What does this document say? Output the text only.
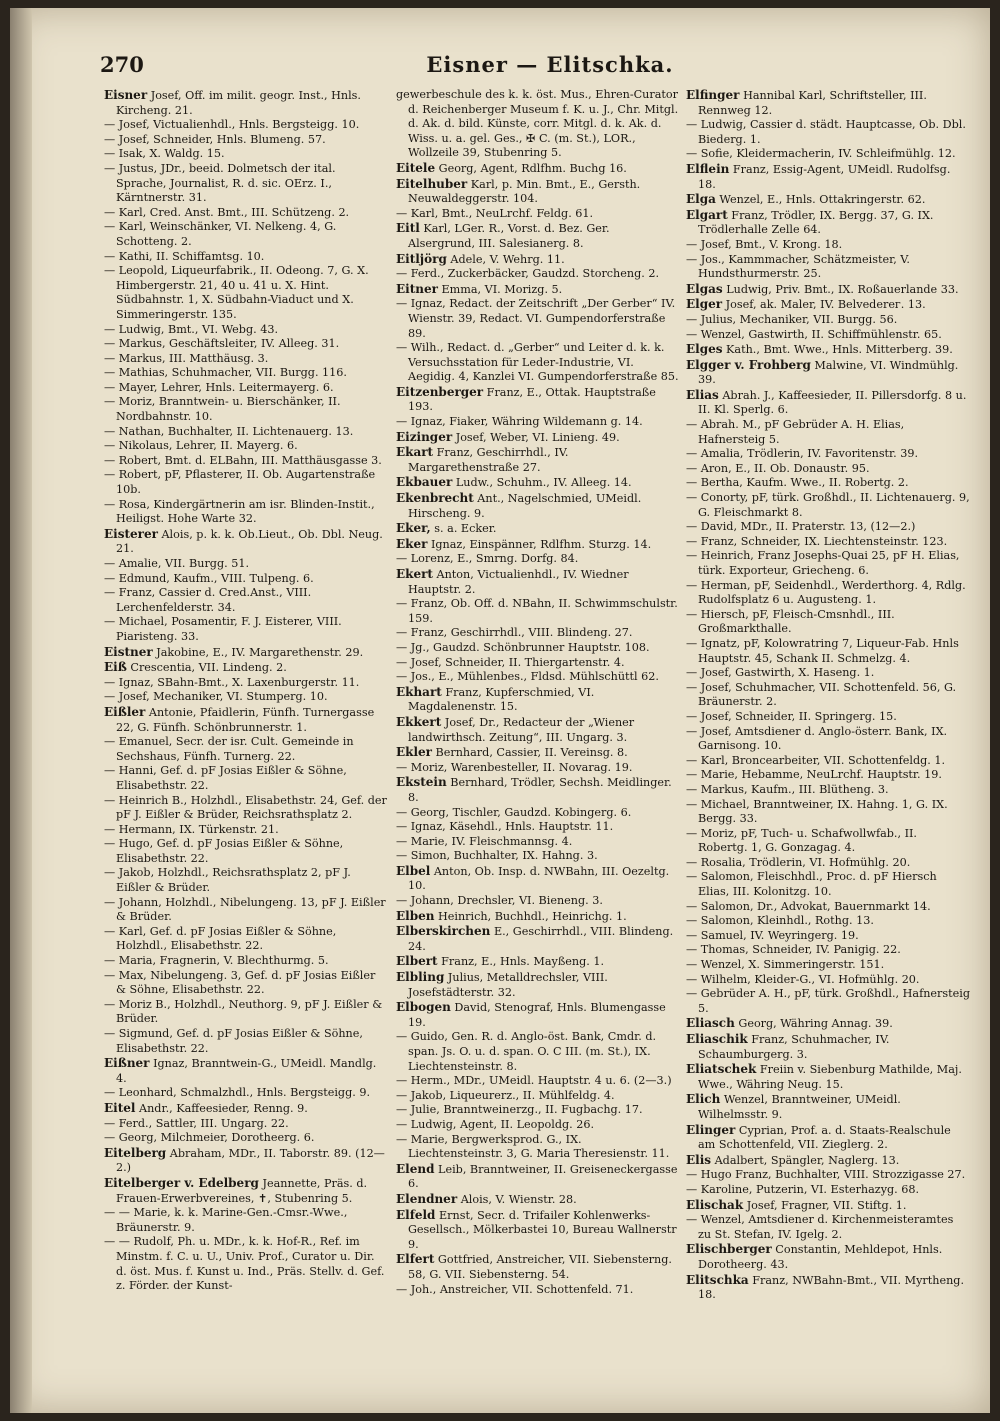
270	Eisner — Elitschka.

Eisner Josef, Off. im milit. geogr. Inst., Hnls. Kircheng. 21.

— Josef, Victualienhdl., Hnls. Bergsteigg. 10.

— Josef, Schneider, Hnls. Blumeng. 57.

— Isak, X. Waldg. 15.

— Justus, JDr., beeid. Dolmetsch der ital. Sprache, Journalist, R. d. sic. OErz. I., Kärntnerstr. 31.

— Karl, Cred. Anst. Bmt., III. Schützeng. 2.

— Karl, Weinschänker, VI. Nelkeng. 4, G. Schotteng. 2.

— Kathi, II. Schiffamtsg. 10.

— Leopold, Liqueurfabrik., II. Odeong. 7, G. X. Himbergerstr. 21, 40 u. 41 u. X. Hint. Südbahnstr. 1, X. Südbahn-Viaduct und X. Simmeringerstr. 135.

— Ludwig, Bmt., VI. Webg. 43.

— Markus, Geschäftsleiter, IV. Alleeg. 31.

— Markus, III. Matthäusg. 3.

— Mathias, Schuhmacher, VII. Burgg. 116.

— Mayer, Lehrer, Hnls. Leitermayerg. 6.

— Moriz, Branntwein- u. Bierschänker, II. Nordbahnstr. 10.

— Nathan, Buchhalter, II. Lichtenauerg. 13.

— Nikolaus, Lehrer, II. Mayerg. 6.

— Robert, Bmt. d. ELBahn, III. Matthäusgasse 3.

— Robert, pF, Pflasterer, II. Ob. Augartenstraße 10b.

— Rosa, Kindergärtnerin am isr. Blinden-Instit., Heiligst. Hohe Warte 32.

Eisterer Alois, p. k. k. Ob.Lieut., Ob. Dbl. Neug. 21.

— Amalie, VII. Burgg. 51.

— Edmund, Kaufm., VIII. Tulpeng. 6.

— Franz, Cassier d. Cred.Anst., VIII. Lerchenfelderstr. 34.

— Michael, Posamentir, F. J. Eisterer, VIII. Piaristeng. 33.

Eistner Jakobine, E., IV. Margarethenstr. 29.

Eiß Crescentia, VII. Lindeng. 2.

— Ignaz, SBahn-Bmt., X. Laxenburgerstr. 11.

— Josef, Mechaniker, VI. Stumperg. 10.

Eißler Antonie, Pfaidlerin, Fünfh. Turnergasse 22, G. Fünfh. Schönbrunnerstr. 1.

— Emanuel, Secr. der isr. Cult. Gemeinde in Sechshaus, Fünfh. Turnerg. 22.

— Hanni, Gef. d. pF Josias Eißler & Söhne, Elisabethstr. 22.

— Heinrich B., Holzhdl., Elisabethstr. 24, Gef. der pF J. Eißler & Brüder, Reichsrathsplatz 2.

— Hermann, IX. Türkenstr. 21.

— Hugo, Gef. d. pF Josias Eißler & Söhne, Elisabethstr. 22.

— Jakob, Holzhdl., Reichsrathsplatz 2, pF J. Eißler & Brüder.

— Johann, Holzhdl., Nibelungeng. 13, pF J. Eißler & Brüder.

— Karl, Gef. d. pF Josias Eißler & Söhne, Holzhdl., Elisabethstr. 22.

— Maria, Fragnerin, V. Blechthurmg. 5.

— Max, Nibelungeng. 3, Gef. d. pF Josias Eißler & Söhne, Elisabethstr. 22.

— Moriz B., Holzhdl., Neuthorg. 9, pF J. Eißler & Brüder.

— Sigmund, Gef. d. pF Josias Eißler & Söhne, Elisabethstr. 22.

Eißner Ignaz, Branntwein-G., UMeidl. Mandlg. 4.

— Leonhard, Schmalzhdl., Hnls. Bergsteigg. 9.

Eitel Andr., Kaffeesieder, Renng. 9.

— Ferd., Sattler, III. Ungarg. 22.

— Georg, Milchmeier, Dorotheerg. 6.

Eitelberg Abraham, MDr., II. Taborstr. 89. (12—2.)

Eitelberger v. Edelberg Jeannette, Präs. d. Frauen-Erwerbvereines, ✝, Stubenring 5.

— — Marie, k. k. Marine-Gen.-Cmsr.-Wwe., Bräunerstr. 9.

— — Rudolf, Ph. u. MDr., k. k. Hof-R., Ref. im Minstm. f. C. u. U., Univ. Prof., Curator u. Dir. d. öst. Mus. f. Kunst u. Ind., Präs. Stellv. d. Gef. z. Förder. der Kunst-

gewerbeschule des k. k. öst. Mus., Ehren-Curator d. Reichenberger Museum f. K. u. J., Chr. Mitgl. d. Ak. d. bild. Künste, corr. Mitgl. d. k. Ak. d. Wiss. u. a. gel. Ges., ✠ C. (m. St.), LOR., Wollzeile 39, Stubenring 5.

Eitele Georg, Agent, Rdlfhm. Buchg 16.

Eitelhuber Karl, p. Min. Bmt., E., Gersth. Neuwaldeggerstr. 104.

— Karl, Bmt., NeuLrchf. Feldg. 61.

Eitl Karl, LGer. R., Vorst. d. Bez. Ger. Alsergrund, III. Salesianerg. 8.

Eitljörg Adele, V. Wehrg. 11.

— Ferd., Zuckerbäcker, Gaudzd. Storcheng. 2.

Eitner Emma, VI. Morizg. 5.

— Ignaz, Redact. der Zeitschrift „Der Gerber“ IV. Wienstr. 39, Redact. VI. Gumpendorferstraße 89.

— Wilh., Redact. d. „Gerber“ und Leiter d. k. k. Versuchsstation für Leder-Industrie, VI. Aegidig. 4, Kanzlei VI. Gumpendorferstraße 85.

Eitzenberger Franz, E., Ottak. Hauptstraße 193.

— Ignaz, Fiaker, Währing Wildemann g. 14.

Eizinger Josef, Weber, VI. Linieng. 49.

Ekart Franz, Geschirrhdl., IV. Margarethenstraße 27.

Ekbauer Ludw., Schuhm., IV. Alleeg. 14.

Ekenbrecht Ant., Nagelschmied, UMeidl. Hirscheng. 9.

Eker, s. a. Ecker.

Eker Ignaz, Einspänner, Rdlfhm. Sturzg. 14.

— Lorenz, E., Smrng. Dorfg. 84.

Ekert Anton, Victualienhdl., IV. Wiedner Hauptstr. 2.

— Franz, Ob. Off. d. NBahn, II. Schwimmschulstr. 159.

— Franz, Geschirrhdl., VIII. Blindeng. 27.

— Jg., Gaudzd. Schönbrunner Hauptstr. 108.

— Josef, Schneider, II. Thiergartenstr. 4.

— Jos., E., Mühlenbes., Fldsd. Mühlschüttl 62.

Ekhart Franz, Kupferschmied, VI. Magdalenenstr. 15.

Ekkert Josef, Dr., Redacteur der „Wiener landwirthsch. Zeitung“, III. Ungarg. 3.

Ekler Bernhard, Cassier, II. Vereinsg. 8.

— Moriz, Warenbesteller, II. Novarag. 19.

Ekstein Bernhard, Trödler, Sechsh. Meidlinger. 8.

— Georg, Tischler, Gaudzd. Kobingerg. 6.

— Ignaz, Käsehdl., Hnls. Hauptstr. 11.

— Marie, IV. Fleischmannsg. 4.

— Simon, Buchhalter, IX. Hahng. 3.

Elbel Anton, Ob. Insp. d. NWBahn, III. Oezeltg. 10.

— Johann, Drechsler, VI. Bieneng. 3.

Elben Heinrich, Buchhdl., Heinrichg. 1.

Elberskirchen E., Geschirrhdl., VIII. Blindeng. 24.

Elbert Franz, E., Hnls. Mayßeng. 1.

Elbling Julius, Metalldrechsler, VIII. Josefstädterstr. 32.

Elbogen David, Stenograf, Hnls. Blumengasse 19.

— Guido, Gen. R. d. Anglo-öst. Bank, Cmdr. d. span. Js. O. u. d. span. O. C III. (m. St.), IX. Liechtensteinstr. 8.

— Herm., MDr., UMeidl. Hauptstr. 4 u. 6. (2—3.)

— Jakob, Liqueurerz., II. Mühlfeldg. 4.

— Julie, Branntweinerzg., II. Fugbachg. 17.

— Ludwig, Agent, II. Leopoldg. 26.

— Marie, Bergwerksprod. G., IX. Liechtensteinstr. 3, G. Maria Theresienstr. 11.

Elend Leib, Branntweiner, II. Greiseneckergasse 6.

Elendner Alois, V. Wienstr. 28.

Elfeld Ernst, Secr. d. Trifailer Kohlenwerks-Gesellsch., Mölkerbastei 10, Bureau Wallnerstr 9.

Elfert Gottfried, Anstreicher, VII. Siebensterng. 58, G. VII. Siebensterng. 54.

— Joh., Anstreicher, VII. Schottenfeld. 71.

Elfinger Hannibal Karl, Schriftsteller, III. Rennweg 12.

— Ludwig, Cassier d. städt. Hauptcasse, Ob. Dbl. Biederg. 1.

— Sofie, Kleidermacherin, IV. Schleifmühlg. 12.

Elflein Franz, Essig-Agent, UMeidl. Rudolfsg. 18.

Elga Wenzel, E., Hnls. Ottakringerstr. 62.

Elgart Franz, Trödler, IX. Bergg. 37, G. IX. Trödlerhalle Zelle 64.

— Josef, Bmt., V. Krong. 18.

— Jos., Kammmacher, Schätzmeister, V. Hundsthurmerstr. 25.

Elgas Ludwig, Priv. Bmt., IX. Roßauerlande 33.

Elger Josef, ak. Maler, IV. Belvederег. 13.

— Julius, Mechaniker, VII. Burgg. 56.

— Wenzel, Gastwirth, II. Schiffmühlenstr. 65.

Elges Kath., Bmt. Wwe., Hnls. Mitterberg. 39.

Elgger v. Frohberg Malwine, VI. Windmühlg. 39.

Elias Abrah. J., Kaffeesieder, II. Pillersdorfg. 8 u. II. Kl. Sperlg. 6.

— Abrah. M., pF Gebrüder A. H. Elias, Hafnersteig 5.

— Amalia, Trödlerin, IV. Favoritenstr. 39.

— Aron, E., II. Ob. Donaustr. 95.

— Bertha, Kaufm. Wwe., II. Robertg. 2.

— Conorty, pF, türk. Großhdl., II. Lichtenauerg. 9, G. Fleischmarkt 8.

— David, MDr., II. Praterstr. 13, (12—2.)

— Franz, Schneider, IX. Liechtensteinstr. 123.

— Heinrich, Franz Josephs-Quai 25, pF H. Elias, türk. Exporteur, Griecheng. 6.

— Herman, pF, Seidenhdl., Werderthorg. 4, Rdlg. Rudolfsplatz 6 u. Augusteng. 1.

— Hiersch, pF, Fleisch-Cmsnhdl., III. Großmarkthalle.

— Ignatz, pF, Kolowratring 7, Liqueur-Fab. Hnls Hauptstr. 45, Schank II. Schmelzg. 4.

— Josef, Gastwirth, X. Haseng. 1.

— Josef, Schuhmacher, VII. Schottenfeld. 56, G. Bräunerstr. 2.

— Josef, Schneider, II. Springerg. 15.

— Josef, Amtsdiener d. Anglo-österr. Bank, IX. Garnisong. 10.

— Karl, Broncearbeiter, VII. Schottenfeldg. 1.

— Marie, Hebamme, NeuLrchf. Hauptstr. 19.

— Markus, Kaufm., III. Blütheng. 3.

— Michael, Branntweiner, IX. Hahng. 1, G. IX. Bergg. 33.

— Moriz, pF, Tuch- u. Schafwollwfab., II. Robertg. 1, G. Gonzagag. 4.

— Rosalia, Trödlerin, VI. Hofmühlg. 20.

— Salomon, Fleischhdl., Proc. d. pF Hiersch Elias, III. Kolonitzg. 10.

— Salomon, Dr., Advokat, Bauernmarkt 14.

— Salomon, Kleinhdl., Rothg. 13.

— Samuel, IV. Weyringerg. 19.

— Thomas, Schneider, IV. Panigig. 22.

— Wenzel, X. Simmeringerstr. 151.

— Wilhelm, Kleider-G., VI. Hofmühlg. 20.

— Gebrüder A. H., pF, türk. Großhdl., Hafnersteig 5.

Eliasch Georg, Währing Annag. 39.

Eliaschik Franz, Schuhmacher, IV. Schaumburgerg. 3.

Eliatschek Freiin v. Siebenburg Mathilde, Maj. Wwe., Währing Neug. 15.

Elich Wenzel, Branntweiner, UMeidl. Wilhelmsstr. 9.

Elinger Cyprian, Prof. a. d. Staats-Realschule am Schottenfeld, VII. Zieglerg. 2.

Elis Adalbert, Spängler, Naglerg. 13.

— Hugo Franz, Buchhalter, VIII. Strozzigasse 27.

— Karoline, Putzerin, VI. Esterhazyg. 68.

Elischak Josef, Fragner, VII. Stiftg. 1.

— Wenzel, Amtsdiener d. Kirchenmeisteramtes zu St. Stefan, IV. Igelg. 2.

Elischberger Constantin, Mehldepot, Hnls. Dorotheerg. 43.

Elitschka Franz, NWBahn-Bmt., VII. Myrtheng. 18.
